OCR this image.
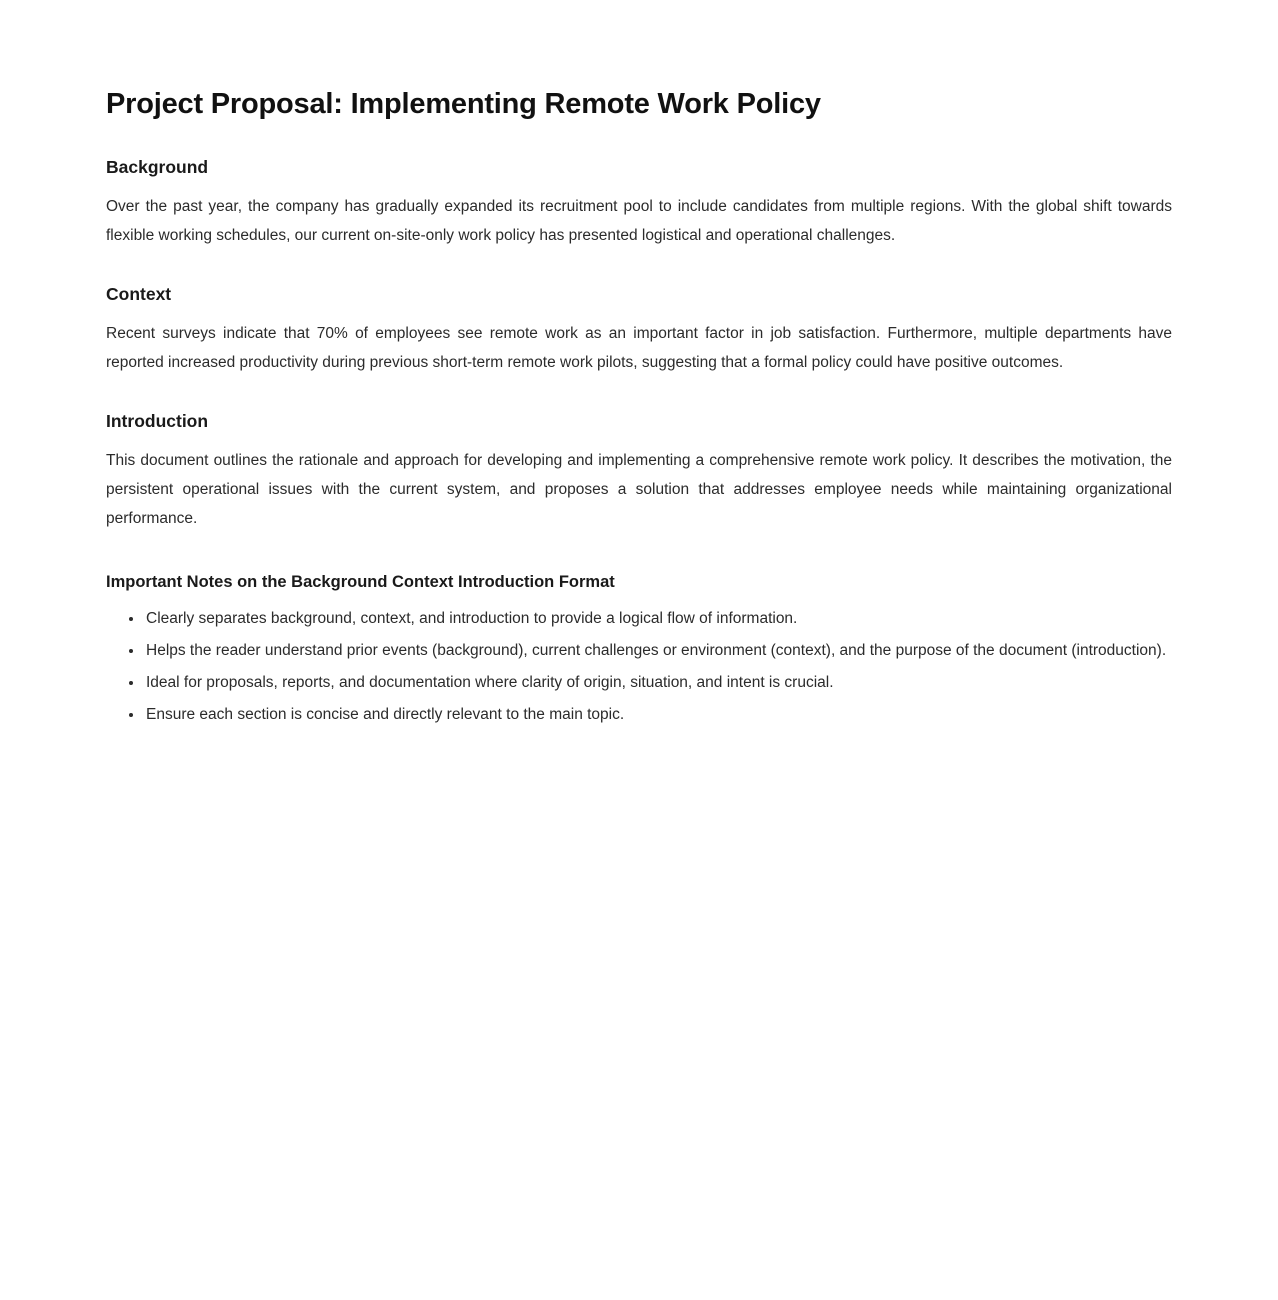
Project Proposal: Implementing Remote Work Policy
Background

Over the past year, the company has gradually expanded its recruitment pool to include candidates from multiple regions. With the global shift towards flexible working schedules, our current on-site-only work policy has presented logistical and operational challenges.

Context

Recent surveys indicate that 70% of employees see remote work as an important factor in job satisfaction. Furthermore, multiple departments have reported increased productivity during previous short-term remote work pilots, suggesting that a formal policy could have positive outcomes.

Introduction

This document outlines the rationale and approach for developing and implementing a comprehensive remote work policy. It describes the motivation, the persistent operational issues with the current system, and proposes a solution that addresses employee needs while maintaining organizational performance.

Important Notes on the Background Context Introduction Format
• Clearly separates background, context, and introduction to provide a logical flow of information.
• Helps the reader understand prior events (background), current challenges or environment (context), and the purpose of the document (introduction).
• Ideal for proposals, reports, and documentation where clarity of origin, situation, and intent is crucial.
• Ensure each section is concise and directly relevant to the main topic.
